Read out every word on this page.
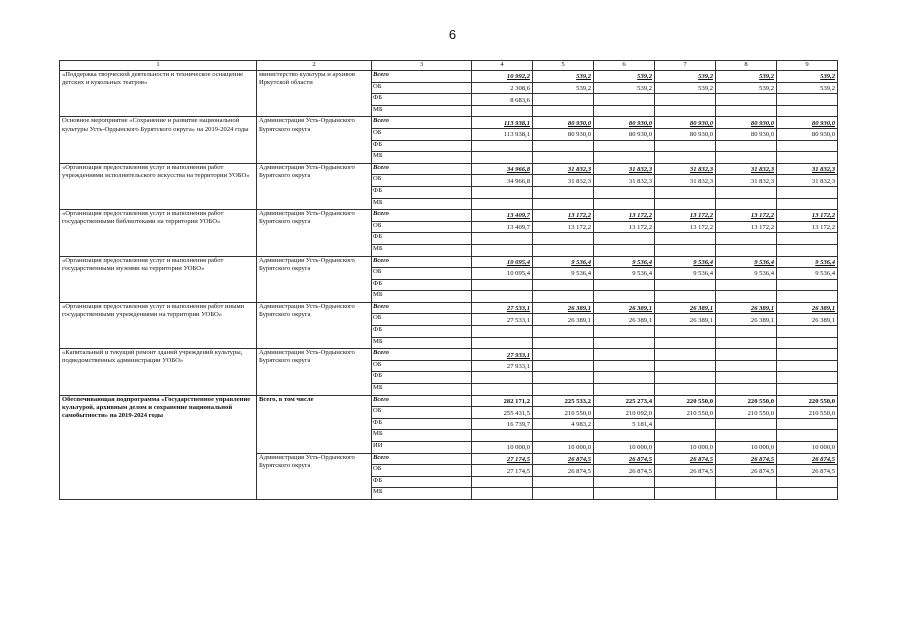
6
1	2	3	4	5	6	7	8	9
«Поддержка творческой деятельности и техническое оснащение детских и кукольных театров»	министерство культуры и архивов Иркутской области	Всего	10 992,2	539,2	539,2	539,2	539,2	539,2
		ОБ	2 308,6	539,2	539,2	539,2	539,2	539,2
		ФБ	8 683,6					
		МБ						
Основное мероприятие «Сохранение и развитие национальной культуры Усть-Ордынского Бурятского округа» на 2019-2024 годы	Администрация Усть-Ордынского Бурятского округа	Всего	113 938,1	80 930,0	80 930,0	80 930,0	80 930,0	80 930,0
		ОБ	113 938,1	80 930,0	80 930,0	80 930,0	80 930,0	80 930,0
		ФБ						
		МБ						
«Организация предоставления услуг и выполнения работ учреждениями исполнительского искусства на территории УОБО»	Администрация Усть-Ордынского Бурятского округа	Всего	34 966,8	31 832,3	31 832,3	31 832,3	31 832,3	31 832,3
		ОБ	34 966,8	31 832,3	31 832,3	31 832,3	31 832,3	31 832,3
		ФБ						
		МБ						
«Организация предоставления услуг и выполнения работ государственными библиотеками на территории УОБО»	Администрация Усть-Ордынского Бурятского округа	Всего	13 409,7	13 172,2	13 172,2	13 172,2	13 172,2	13 172,2
		ОБ	13 409,7	13 172,2	13 172,2	13 172,2	13 172,2	13 172,2
		ФБ						
		МБ						
«Организация предоставления услуг и выполнения работ государственными музеями на территории УОБО»	Администрация Усть-Ордынского Бурятского округа	Всего	10 095,4	9 536,4	9 536,4	9 536,4	9 536,4	9 536,4
		ОБ	10 095,4	9 536,4	9 536,4	9 536,4	9 536,4	9 536,4
		ФБ						
		МБ						
«Организация предоставления услуг и выполнения работ иными государственными учреждениями на территории УОБО»	Администрация Усть-Ордынского Бурятского округа	Всего	27 533,1	26 389,1	26 389,1	26 389,1	26 389,1	26 389,1
		ОБ	27 533,1	26 389,1	26 389,1	26 389,1	26 389,1	26 389,1
		ФБ						
		МБ						
«Капитальный и текущий ремонт зданий учреждений культуры, подведомственных администрации УОБО»	Администрация Усть-Ордынского Бурятского округа	Всего	27 933,1					
		ОБ	27 933,1					
		ФБ						
		МБ						
Обеспечивающая подпрограмма «Государственное управление культурой, архивным делом и сохранение национальной самобытности» на 2019-2024 годы	Всего, в том числе	Всего	282 171,2	225 533,2	225 273,4	220 550,0	220 550,0	220 550,0
		ОБ	255 431,5	210 550,0	210 092,0	210 550,0	210 550,0	210 550,0
		ФБ	16 739,7	4 983,2	5 181,4			
		МБ						
		ИИ	10 000,0	10 000,0	10 000,0	10 000,0	10 000,0	10 000,0
	Администрация Усть-Ордынского Бурятского округа	Всего	27 174,5	26 874,5	26 874,5	26 874,5	26 874,5	26 874,5
		ОБ	27 174,5	26 874,5	26 874,5	26 874,5	26 874,5	26 874,5
		ФБ						
		МБ						
